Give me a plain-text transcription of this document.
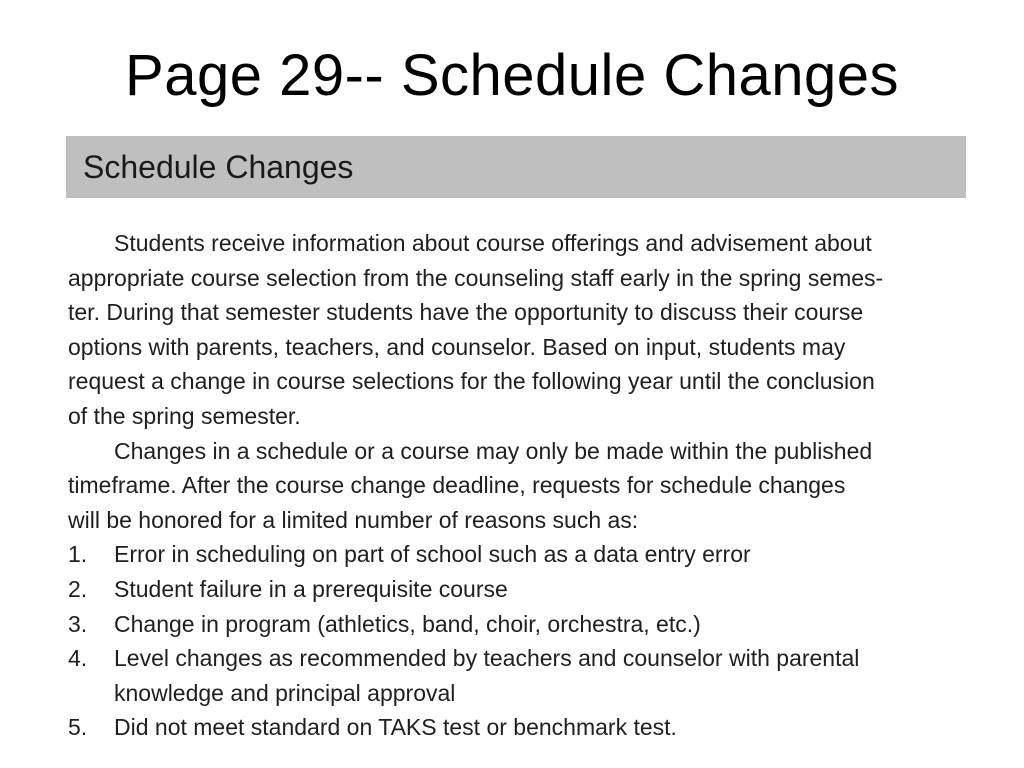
Page 29-- Schedule Changes
Schedule Changes

Students receive information about course offerings and advisement about
appropriate course selection from the counseling staff early in the spring semes-
ter. During that semester students have the opportunity to discuss their course
options with parents, teachers, and counselor. Based on input, students may
request a change in course selections for the following year until the conclusion
of the spring semester.

Changes in a schedule or a course may only be made within the published
timeframe. After the course change deadline, requests for schedule changes
will be honored for a limited number of reasons such as:

1.	Error in scheduling on part of school such as a data entry error
2.	Student failure in a prerequisite course
3.	Change in program (athletics, band, choir, orchestra, etc.)
4.	Level changes as recommended by teachers and counselor with parental
knowledge and principal approval
5.	Did not meet standard on TAKS test or benchmark test.
